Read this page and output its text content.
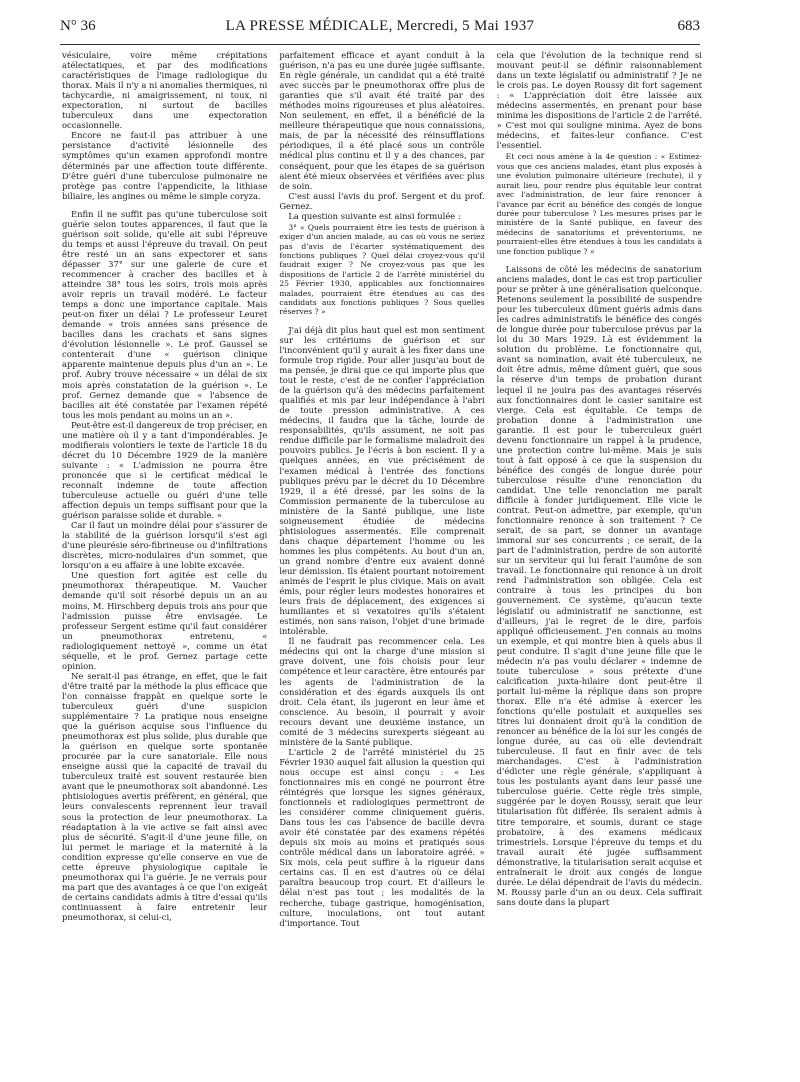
N° 36	LA PRESSE MÉDICALE, Mercredi, 5 Mai 1937	683

vésiculaire, voire même crépitations atélectatiques, et par des modifications caractéristiques de l'image radiologique du thorax. Mais il n'y a ni anomalies thermiques, ni tachycardie, ni amaigrissement, ni toux, ni expectoration, ni surtout de bacilles tuberculeux dans une expectoration occasionnelle.

Encore ne faut-il pas attribuer à une persistance d'activité lésionnelle des symptômes qu'un examen approfondi montre déterminés par une affection toute différente. D'être guéri d'une tuberculose pulmonaire ne protège pas contre l'appendicite, la lithiase biliaire, les angines ou même le simple coryza.

Enfin il ne suffit pas qu'une tuberculose soit guérie selon toutes apparences, il faut que la guérison soit solide, qu'elle ait subi l'épreuve du temps et aussi l'épreuve du travail. On peut être resté un an sans expectorer et sans dépasser 37° sur une galerie de cure et recommencer à cracher des bacilles et à atteindre 38° tous les soirs, trois mois après avoir repris un travail modéré. Le facteur temps a donc une importance capitale. Mais peut-on fixer un délai ? Le professeur Leuret demande « trois années sans présence de bacilles dans les crachats et sans signes d'évolution lésionnelle ». Le prof. Gaussel se contenterait d'une « guérison clinique apparente maintenue depuis plus d'un an ». Le prof. Aubry trouve nécessaire « un délai de six mois après constatation de la guérison ». Le prof. Gernez demande que « l'absence de bacilles ait été constatée par l'examen répété tous les mois pendant au moins un an ».

Peut-être est-il dangereux de trop préciser, en une matière où il y a tant d'impondérables. Je modifierais volontiers le texte de l'article 18 du décret du 10 Décembre 1929 de la manière suivante : « L'admission ne pourra être prononcée que si le certificat médical le reconnaît indemne de toute affection tuberculeuse actuelle ou guéri d'une telle affection depuis un temps suffisant pour que la guérison paraisse solide et durable. »

Car il faut un moindre délai pour s'assurer de la stabilité de la guérison lorsqu'il s'est agi d'une pleurésie séro-fibrineuse ou d'infiltrations discrètes, micro-nodulaires d'un sommet, que lorsqu'on a eu affaire à une lobite excavée.

Une question fort agitée est celle du pneumothorax thérapeutique. M. Vaucher demande qu'il soit résorbé depuis un an au moins, M. Hirschberg depuis trois ans pour que l'admission puisse être envisagée. Le professeur Sergent estime qu'il faut considérer un pneumothorax entretenu, « radiologiquement nettoyé », comme un état séquelle, et le prof. Gernez partage cette opinion.

Ne serait-il pas étrange, en effet, que le fait d'être traité par la méthode la plus efficace que l'on connaisse frappât en quelque sorte le tuberculeux guéri d'une suspicion supplémentaire ? La pratique nous enseigne que la guérison acquise sous l'influence du pneumothorax est plus solide, plus durable que la guérison en quelque sorte spontanée procurée par la cure sanatoriale. Elle nous enseigne aussi que la capacité de travail du tuberculeux traité est souvent restaurée bien avant que le pneumothorax soit abandonné. Les phtisiologues avertis préfèrent, en général, que leurs convalescents reprennent leur travail sous la protection de leur pneumothorax. La réadaptation à la vie active se fait ainsi avec plus de sécurité. S'agit-il d'une jeune fille, on lui permet le mariage et la maternité à la condition expresse qu'elle conserve en vue de cette épreuve physiologique capitale le pneumothorax qui l'a guérie. Je ne verrais pour ma part que des avantages à ce que l'on exigeât de certains candidats admis à titre d'essai qu'ils continuassent à faire entretenir leur pneumothorax, si celui-ci,

parfaitement efficace et ayant conduit à la guérison, n'a pas eu une durée jugée suffisante. En règle générale, un candidat qui a été traité avec succès par le pneumothorax offre plus de garanties que s'il avait été traité par des méthodes moins rigoureuses et plus aléatoires. Non seulement, en effet, il a bénéficié de la meilleure thérapeutique que nous connaissions, mais, de par la nécessité des réinsufflations périodiques, il a été placé sous un contrôle médical plus continu et il y a des chances, par conséquent, pour que les étapes de sa guérison aient été mieux observées et vérifiées avec plus de soin.

C'est aussi l'avis du prof. Sergent et du prof. Gernez.

La question suivante est ainsi formulée :

3° « Quels pourraient être les tests de guérison à exiger d'un ancien malade, au cas où vous ne seriez pas d'avis de l'écarter systématiquement des fonctions publiques ? Quel délai croyez-vous qu'il faudrait exiger ? Ne croyez-vous pas que les dispositions de l'article 2 de l'arrêté ministériel du 25 Février 1930, applicables aux fonctionnaires malades, pourraient être étendues au cas des candidats aux fonctions publiques ? Sous quelles réserves ? »

J'ai déjà dit plus haut quel est mon sentiment sur les critériums de guérison et sur l'inconvénient qu'il y aurait à les fixer dans une formule trop rigide. Pour aller jusqu'au bout de ma pensée, je dirai que ce qui importe plus que tout le reste, c'est de ne confier l'appréciation de la guérison qu'à des médecins parfaitement qualifiés et mis par leur indépendance à l'abri de toute pression administrative. A ces médecins, il faudra que la tâche, lourde de responsabilités, qu'ils assument, ne soit pas rendue difficile par le formalisme maladroit des pouvoirs publics. Je l'écris à bon escient. Il y a quelques années, en vue précisément de l'examen médical à l'entrée des fonctions publiques prévu par le décret du 10 Décembre 1929, il a été dressé, par les soins de la Commission permanente de la tuberculose au ministère de la Santé publique, une liste soigneusement étudiée de médecins phtisiologues assermentés. Elle comprenait dans chaque département l'homme ou les hommes les plus compétents. Au bout d'un an, un grand nombre d'entre eux avaient donné leur démission. Ils étaient pourtant notoirement animés de l'esprit le plus civique. Mais on avait émis, pour régler leurs modestes honoraires et leurs frais de déplacement, des exigences si humiliantes et si vexatoires qu'ils s'étaient estimés, non sans raison, l'objet d'une brimade intolérable.

Il ne faudrait pas recommencer cela. Les médecins qui ont la charge d'une mission si grave doivent, une fois choisis pour leur compétence et leur caractère, être entourés par les agents de l'administration de la considération et des égards auxquels ils ont droit. Cela étant, ils jugeront en leur âme et conscience. Au besoin, il pourrait y avoir recours devant une deuxième instance, un comité de 3 médecins surexperts siégeant au ministère de la Santé publique.

L'article 2 de l'arrêté ministériel du 25 Février 1930 auquel fait allusion la question qui nous occupe est ainsi conçu : « Les fonctionnaires mis en congé ne pourront être réintégrés que lorsque les signes généraux, fonctionnels et radiologiques permettront de les considérer comme cliniquement guéris. Dans tous les cas l'absence de bacille devra avoir été constatée par des examens répétés depuis six mois au moins et pratiqués sous contrôle médical dans un laboratoire agréé. » Six mois, cela peut suffire à la rigueur dans certains cas. Il en est d'autres où ce délai paraîtra beaucoup trop court. Et d'ailleurs le délai n'est pas tout ; les modalités de la recherche, tubage gastrique, homogénisation, culture, inoculations, ont tout autant d'importance. Tout

cela que l'évolution de la technique rend si mouvant peut-il se définir raisonnablement dans un texte législatif ou administratif ? Je ne le crois pas. Le doyen Roussy dit fort sagement : « L'appréciation doit être laissée aux médecins assermentés, en prenant pour base minima les dispositions de l'article 2 de l'arrêté. » C'est moi qui souligne minima. Ayez de bons médecins, et faites-leur confiance. C'est l'essentiel.

Et ceci nous amène à la 4e question : « Estimez-vous que ces anciens malades, étant plus exposés à une évolution pulmonaire ultérieure (rechute), il y aurait lieu, pour rendre plus équitable leur contrat avec l'administration, de leur faire renoncer à l'avance par écrit au bénéfice des congés de longue durée pour tuberculose ? Les mesures prises par le ministère de la Santé publique, en faveur des médecins de sanatoriums et préventoriums, ne pourraient-elles être étendues à tous les candidats à une fonction publique ? »

Laissons de côté les médecins de sanatorium anciens malades, dont le cas est trop particulier pour se prêter à une généralisation quelconque. Retenons seulement la possibilité de suspendre pour les tuberculeux dûment guéris admis dans les cadres administratifs le bénéfice des congés de longue durée pour tuberculose prévus par la loi du 30 Mars 1929. Là est évidemment la solution du problème. Le fonctionnaire qui, avant sa nomination, avait été tuberculeux, ne doit être admis, même dûment guéri, que sous la réserve d'un temps de probation durant lequel il ne jouira pas des avantages réservés aux fonctionnaires dont le casier sanitaire est vierge. Cela est équitable. Ce temps de probation donne à l'administration une garantie. Il est pour le tuberculeux guéri devenu fonctionnaire un rappel à la prudence, une protection contre lui-même. Mais je suis tout à fait opposé à ce que la suspension du bénéfice des congés de longue durée pour tuberculose résulte d'une renonciation du candidat. Une telle renonciation me paraît difficile à fonder juridiquement. Elle vicie le contrat. Peut-on admettre, par exemple, qu'un fonctionnaire renonce à son traitement ? Ce serait, de sa part, se donner un avantage immoral sur ses concurrents ; ce serait, de la part de l'administration, perdre de son autorité sur un serviteur qui lui ferait l'aumône de son travail. Le fonctionnaire qui renonce à un droit rend l'administration son obligée. Cela est contraire à tous les principes du bon gouvernement. Ce système, qu'aucun texte législatif ou administratif ne sanctionne, est d'ailleurs, j'ai le regret de le dire, parfois appliqué officieusement. J'en connais au moins un exemple, et qui montre bien à quels abus il peut conduire. Il s'agit d'une jeune fille que le médecin n'a pas voulu déclarer « indemne de toute tuberculose » sous prétexte d'une calcification juxta-hilaire dont peut-être il portait lui-même la réplique dans son propre thorax. Elle n'a été admise à exercer les fonctions qu'elle postulait et auxquelles ses titres lui donnaient droit qu'à la condition de renoncer au bénéfice de la loi sur les congés de longue durée, au cas où elle deviendrait tuberculeuse. Il faut en finir avec de tels marchandages. C'est à l'administration d'édicter une règle générale, s'appliquant à tous les postulants ayant dans leur passé une tuberculose guérie. Cette règle très simple, suggérée par le doyen Roussy, serait que leur titularisation fût différée. Ils seraient admis à titre temporaire, et soumis, durant ce stage probatoire, à des examens médicaux trimestriels. Lorsque l'épreuve du temps et du travail aurait été jugée suffisamment démonstrative, la titularisation serait acquise et entraînerait le droit aux congés de longue durée. Le délai dépendrait de l'avis du médecin. M. Roussy parle d'un an ou deux. Cela suffirait sans doute dans la plupart
